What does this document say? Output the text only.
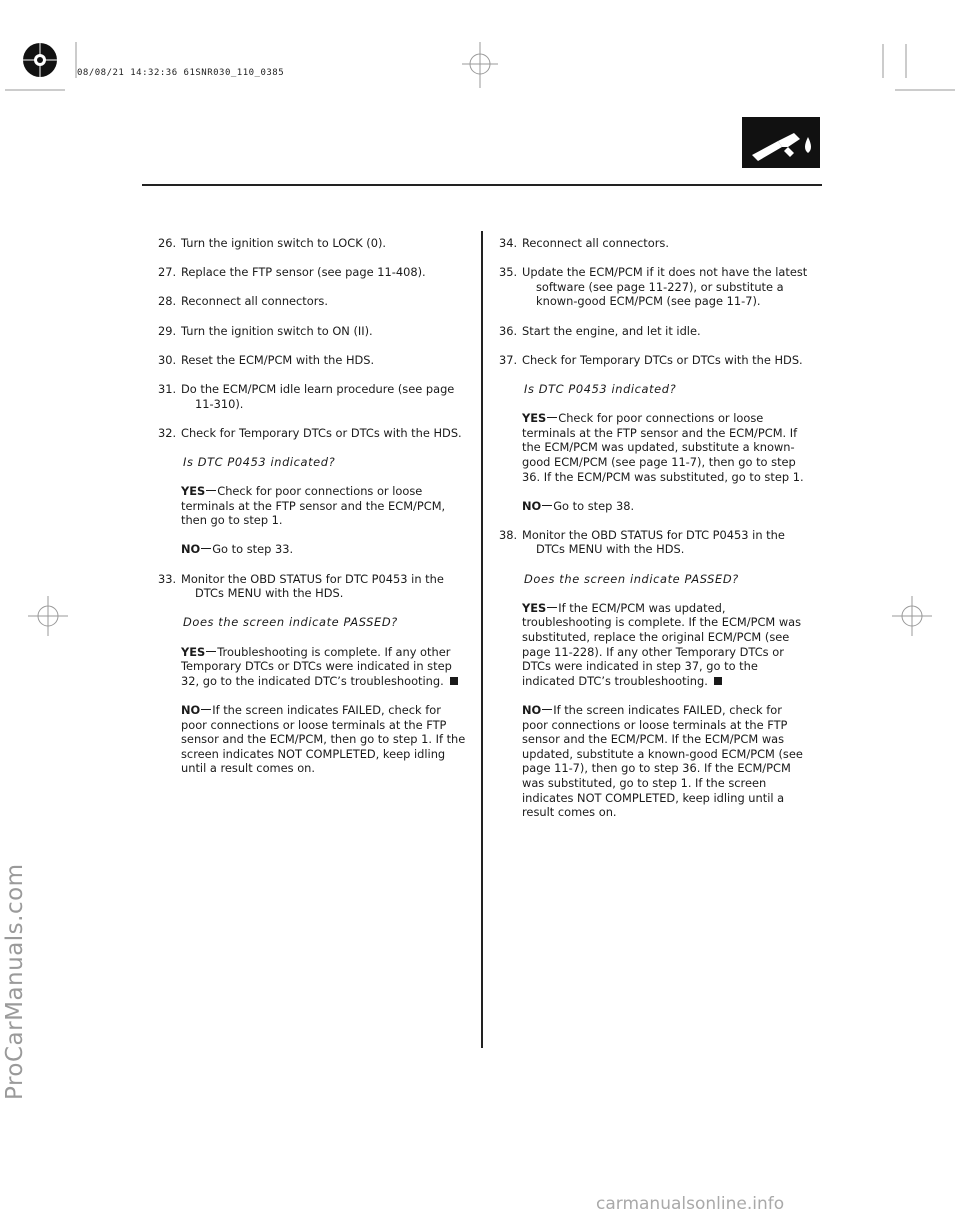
08/08/21 14:32:36 61SNR030_110_0385
26. Turn the ignition switch to LOCK (0).
27. Replace the FTP sensor (see page 11-408).
28. Reconnect all connectors.
29. Turn the ignition switch to ON (II).
30. Reset the ECM/PCM with the HDS.
31. Do the ECM/PCM idle learn procedure (see page 11-310).
32. Check for Temporary DTCs or DTCs with the HDS.
Is DTC P0453 indicated?
YES Check for poor connections or loose terminals at the FTP sensor and the ECM/PCM, then go to step 1.
NO Go to step 33.
33. Monitor the OBD STATUS for DTC P0453 in the DTCs MENU with the HDS.
Does the screen indicate PASSED?
YES Troubleshooting is complete. If any other Temporary DTCs or DTCs were indicated in step 32, go to the indicated DTC’s troubleshooting.
NO If the screen indicates FAILED, check for poor connections or loose terminals at the FTP sensor and the ECM/PCM, then go to step 1. If the screen indicates NOT COMPLETED, keep idling until a result comes on.
34. Reconnect all connectors.
35. Update the ECM/PCM if it does not have the latest software (see page 11-227), or substitute a known-good ECM/PCM (see page 11-7).
36. Start the engine, and let it idle.
37. Check for Temporary DTCs or DTCs with the HDS.
Is DTC P0453 indicated?
YES Check for poor connections or loose terminals at the FTP sensor and the ECM/PCM. If the ECM/PCM was updated, substitute a known-good ECM/PCM (see page 11-7), then go to step 36. If the ECM/PCM was substituted, go to step 1.
NO Go to step 38.
38. Monitor the OBD STATUS for DTC P0453 in the DTCs MENU with the HDS.
Does the screen indicate PASSED?
YES If the ECM/PCM was updated, troubleshooting is complete. If the ECM/PCM was substituted, replace the original ECM/PCM (see page 11-228). If any other Temporary DTCs or DTCs were indicated in step 37, go to the indicated DTC’s troubleshooting.
NO If the screen indicates FAILED, check for poor connections or loose terminals at the FTP sensor and the ECM/PCM. If the ECM/PCM was updated, substitute a known-good ECM/PCM (see page 11-7), then go to step 36. If the ECM/PCM was substituted, go to step 1. If the screen indicates NOT COMPLETED, keep idling until a result comes on.
ProCarManuals.com
carmanualsonline.info
